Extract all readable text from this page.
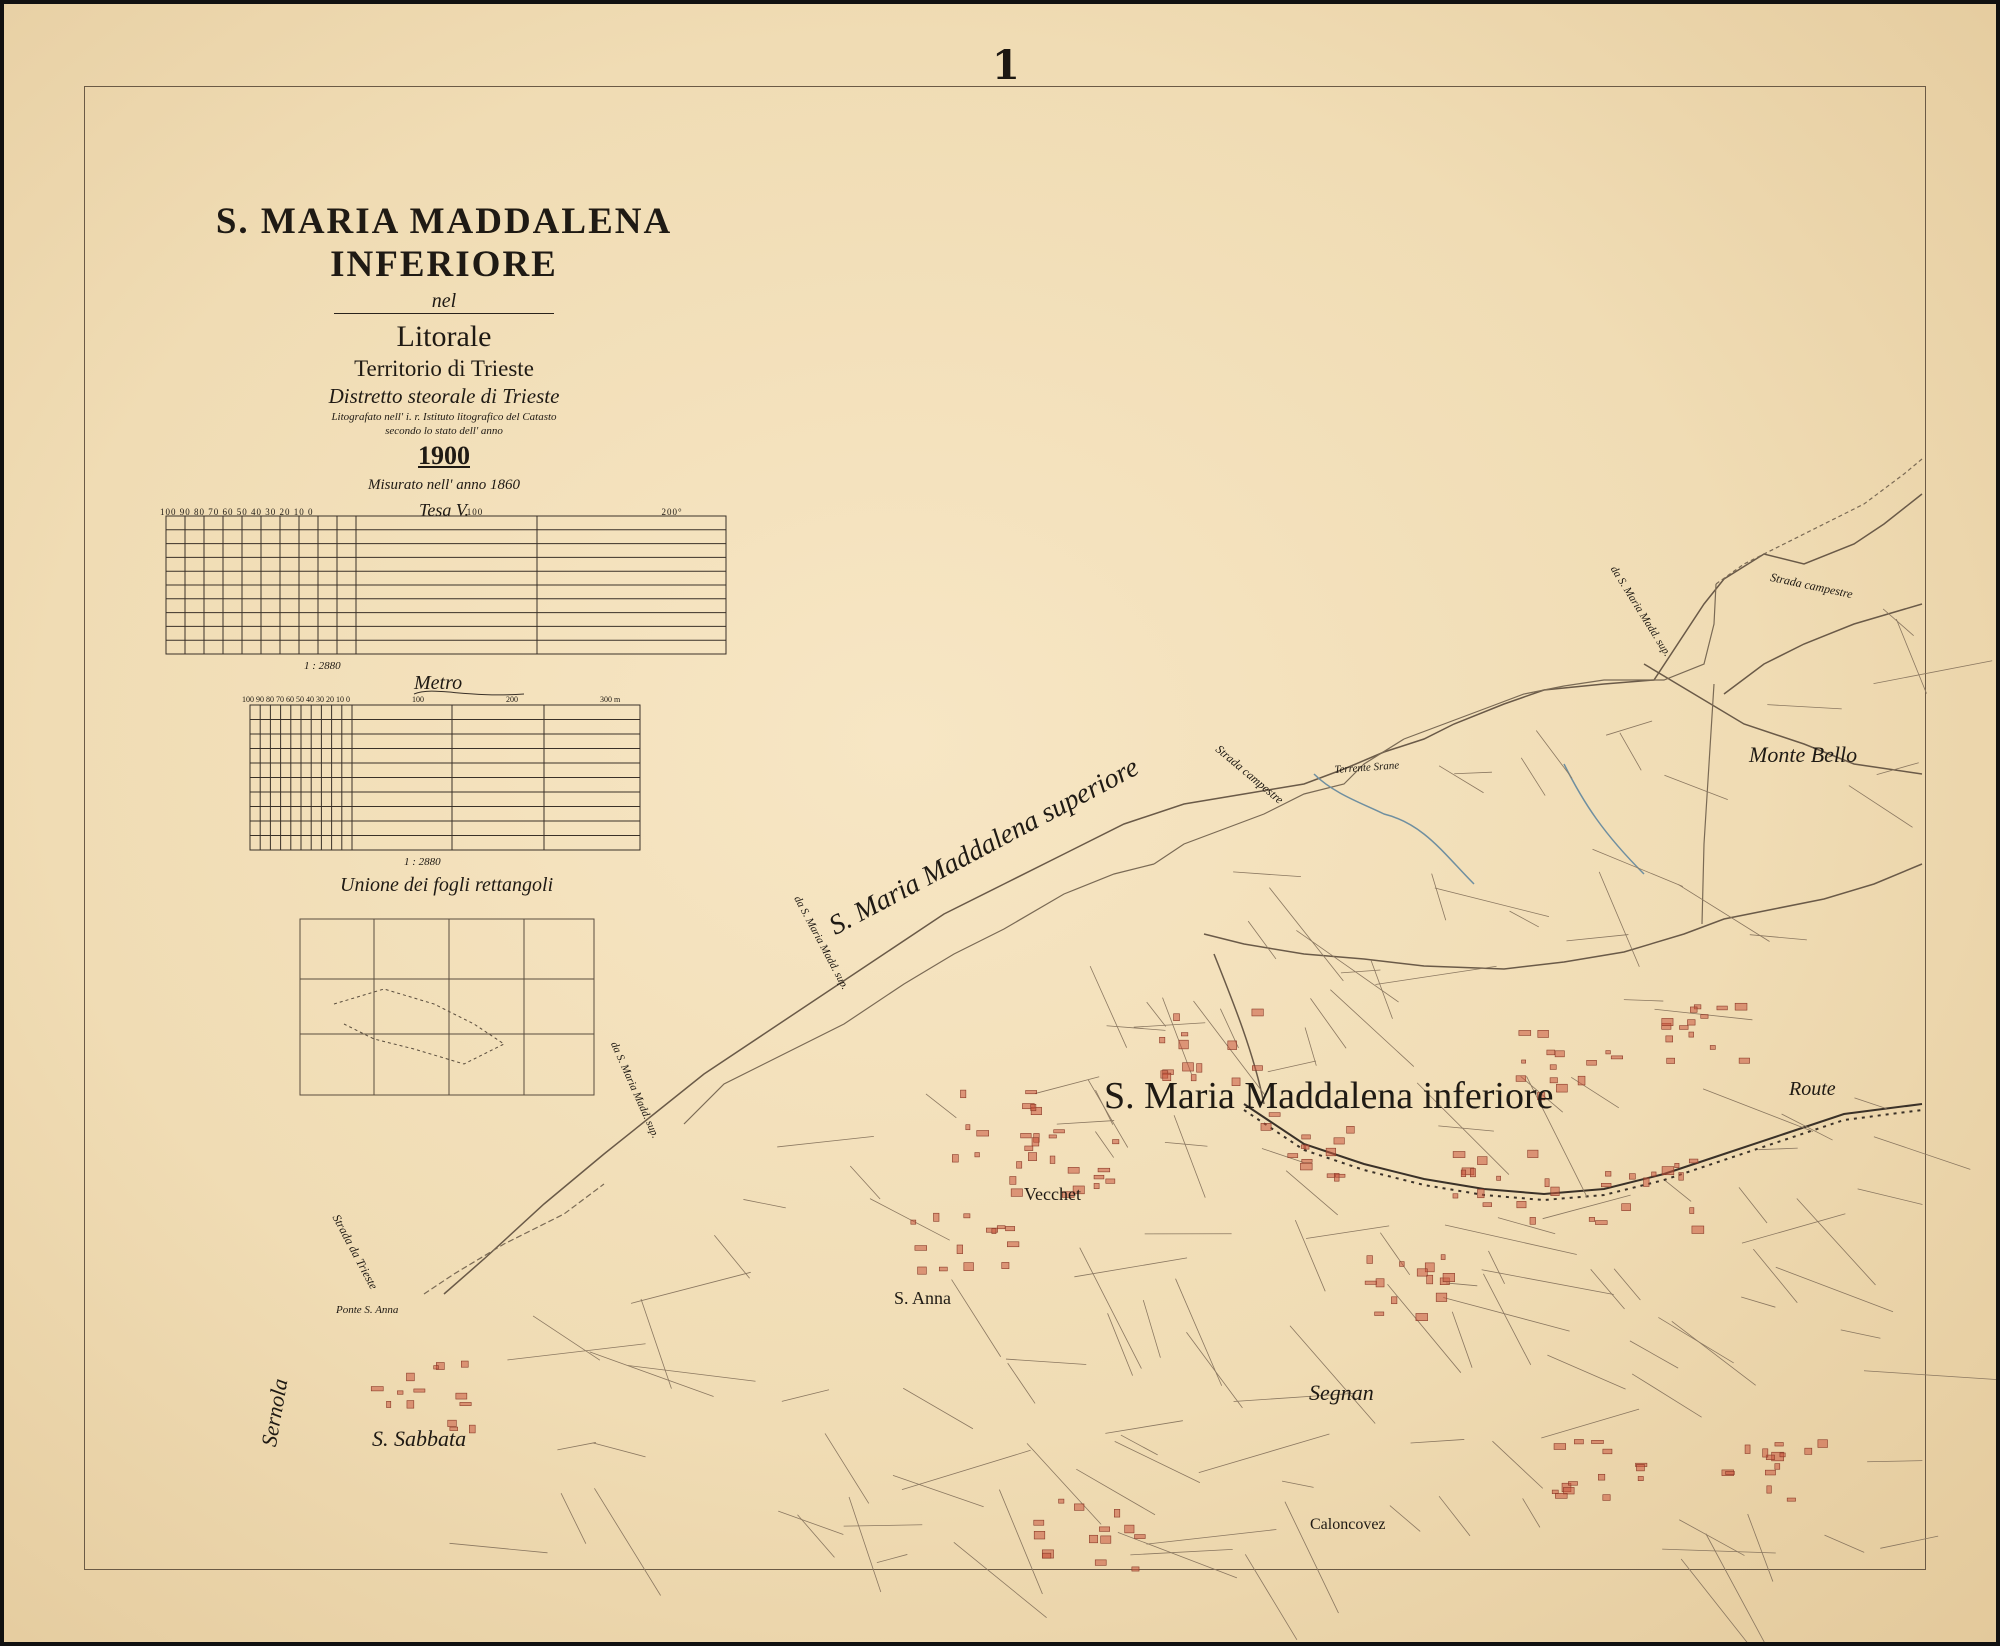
1
S. MARIA MADDALENA INFERIORE
nel
Litorale
Territorio di Trieste
Distretto steorale di Trieste
Litografato nell' i. r. Istituto litografico del Catasto
secondo lo stato dell' anno
1900
Misurato nell' anno 1860
Tesa V.
1 : 2880
100 90 80 70 60 50 40 30 20 10 0	100	200°
Metro
100 90 80 70 60 50 40 30 20 10 0	100	200	300 m
1 : 2880
Unione dei fogli rettangoli	S. Maria Maddalena superiore
S. Maria Maddalena inferiore
Monte Bello
Route
Vecchet
S. Anna
Segnan
S. Sabbata
Caloncovez
Sernola
Ponte S. Anna
Strada campestre
Strada campestre
Strada da Trieste
Terrente Srane
da S. Maria Madd. sup.
da S. Maria Madd. sup.
da S. Maria Madd. sup.
